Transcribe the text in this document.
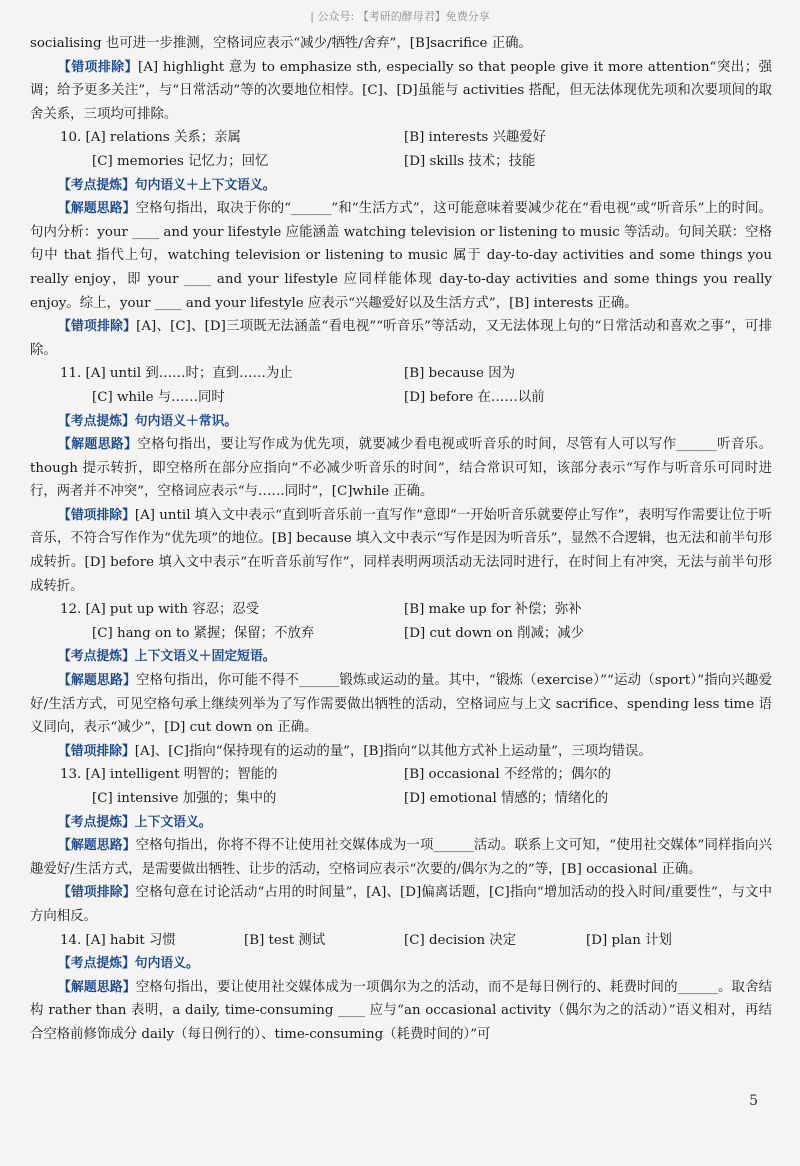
| 公众号: 【考研的酵母君】免费分享

socialising 也可进一步推测，空格词应表示“减少/牺牲/舍弃”，[B]sacrifice 正确。

【错项排除】[A] highlight 意为 to emphasize sth, especially so that people give it more attention“突出；强调；给予更多关注”，与“日常活动”等的次要地位相悖。[C]、[D]虽能与 activities 搭配，但无法体现优先项和次要项间的取舍关系，三项均可排除。

10. [A] relations 关系；亲属	[B] interests 兴趣爱好
[C] memories 记忆力；回忆	[D] skills 技术；技能

【考点提炼】句内语义＋上下文语义。

【解题思路】空格句指出，取决于你的“______”和“生活方式”，这可能意味着要减少花在“看电视”或“听音乐”上的时间。句内分析：your ____ and your lifestyle 应能涵盖 watching television or listening to music 等活动。句间关联：空格句中 that 指代上句，watching television or listening to music 属于 day-to-day activities and some things you really enjoy，即 your ____ and your lifestyle 应同样能体现 day-to-day activities and some things you really enjoy。综上，your ____ and your lifestyle 应表示“兴趣爱好以及生活方式”，[B] interests 正确。

【错项排除】[A]、[C]、[D]三项既无法涵盖“看电视”“听音乐”等活动，又无法体现上句的“日常活动和喜欢之事”，可排除。

11. [A] until 到……时；直到……为止	[B] because 因为
[C] while 与……同时	[D] before 在……以前

【考点提炼】句内语义＋常识。

【解题思路】空格句指出，要让写作成为优先项，就要减少看电视或听音乐的时间，尽管有人可以写作______听音乐。though 提示转折，即空格所在部分应指向“不必减少听音乐的时间”，结合常识可知，该部分表示“写作与听音乐可同时进行，两者并不冲突”，空格词应表示“与……同时”，[C]while 正确。

【错项排除】[A] until 填入文中表示“直到听音乐前一直写作”意即“一开始听音乐就要停止写作”，表明写作需要让位于听音乐，不符合写作作为“优先项”的地位。[B] because 填入文中表示“写作是因为听音乐”，显然不合逻辑，也无法和前半句形成转折。[D] before 填入文中表示“在听音乐前写作”，同样表明两项活动无法同时进行，在时间上有冲突，无法与前半句形成转折。

12. [A] put up with 容忍；忍受	[B] make up for 补偿；弥补
[C] hang on to 紧握；保留；不放弃	[D] cut down on 削减；减少

【考点提炼】上下文语义＋固定短语。

【解题思路】空格句指出，你可能不得不______锻炼或运动的量。其中，“锻炼（exercise）”“运动（sport）”指向兴趣爱好/生活方式，可见空格句承上继续列举为了写作需要做出牺牲的活动，空格词应与上文 sacrifice、spending less time 语义同向，表示“减少”，[D] cut down on 正确。

【错项排除】[A]、[C]指向“保持现有的运动的量”，[B]指向“以其他方式补上运动量”，三项均错误。

13. [A] intelligent 明智的；智能的	[B] occasional 不经常的；偶尔的
[C] intensive 加强的；集中的	[D] emotional 情感的；情绪化的

【考点提炼】上下文语义。

【解题思路】空格句指出，你将不得不让使用社交媒体成为一项______活动。联系上文可知，“使用社交媒体”同样指向兴趣爱好/生活方式，是需要做出牺牲、让步的活动，空格词应表示“次要的/偶尔为之的”等，[B] occasional 正确。

【错项排除】空格句意在讨论活动“占用的时间量”，[A]、[D]偏离话题，[C]指向“增加活动的投入时间/重要性”，与文中方向相反。

14. [A] habit 习惯	[B] test 测试	[C] decision 决定	[D] plan 计划

【考点提炼】句内语义。

【解题思路】空格句指出，要让使用社交媒体成为一项偶尔为之的活动，而不是每日例行的、耗费时间的______。取舍结构 rather than 表明，a daily, time-consuming ____ 应与“an occasional activity（偶尔为之的活动）”语义相对，再结合空格前修饰成分 daily（每日例行的）、time-consuming（耗费时间的）”可

5
